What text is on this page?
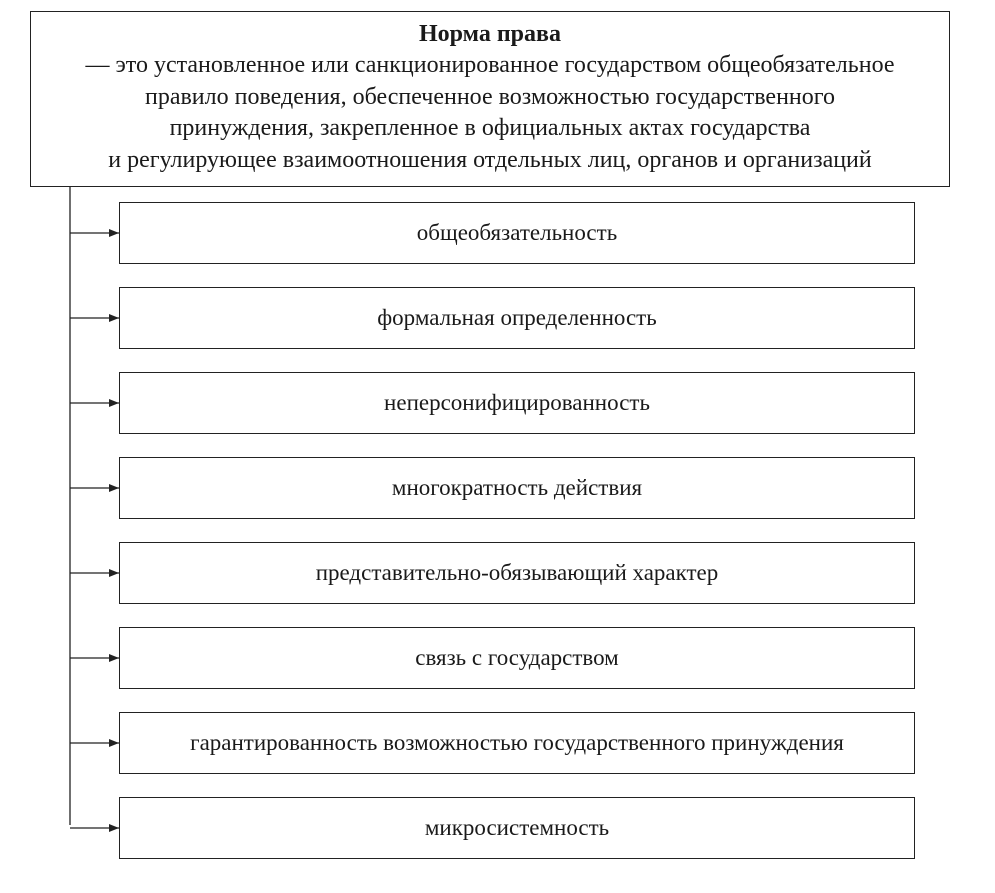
Норма права
— это установленное или санкционированное государством общеобязательное
правило поведения, обеспеченное возможностью государственного
принуждения, закрепленное в официальных актах государства
и регулирующее взаимоотношения отдельных лиц, органов и организаций
общеобязательность
формальная определенность
неперсонифицированность
многократность действия
представительно-обязывающий характер
связь с государством
гарантированность возможностью государственного принуждения
микросистемность
